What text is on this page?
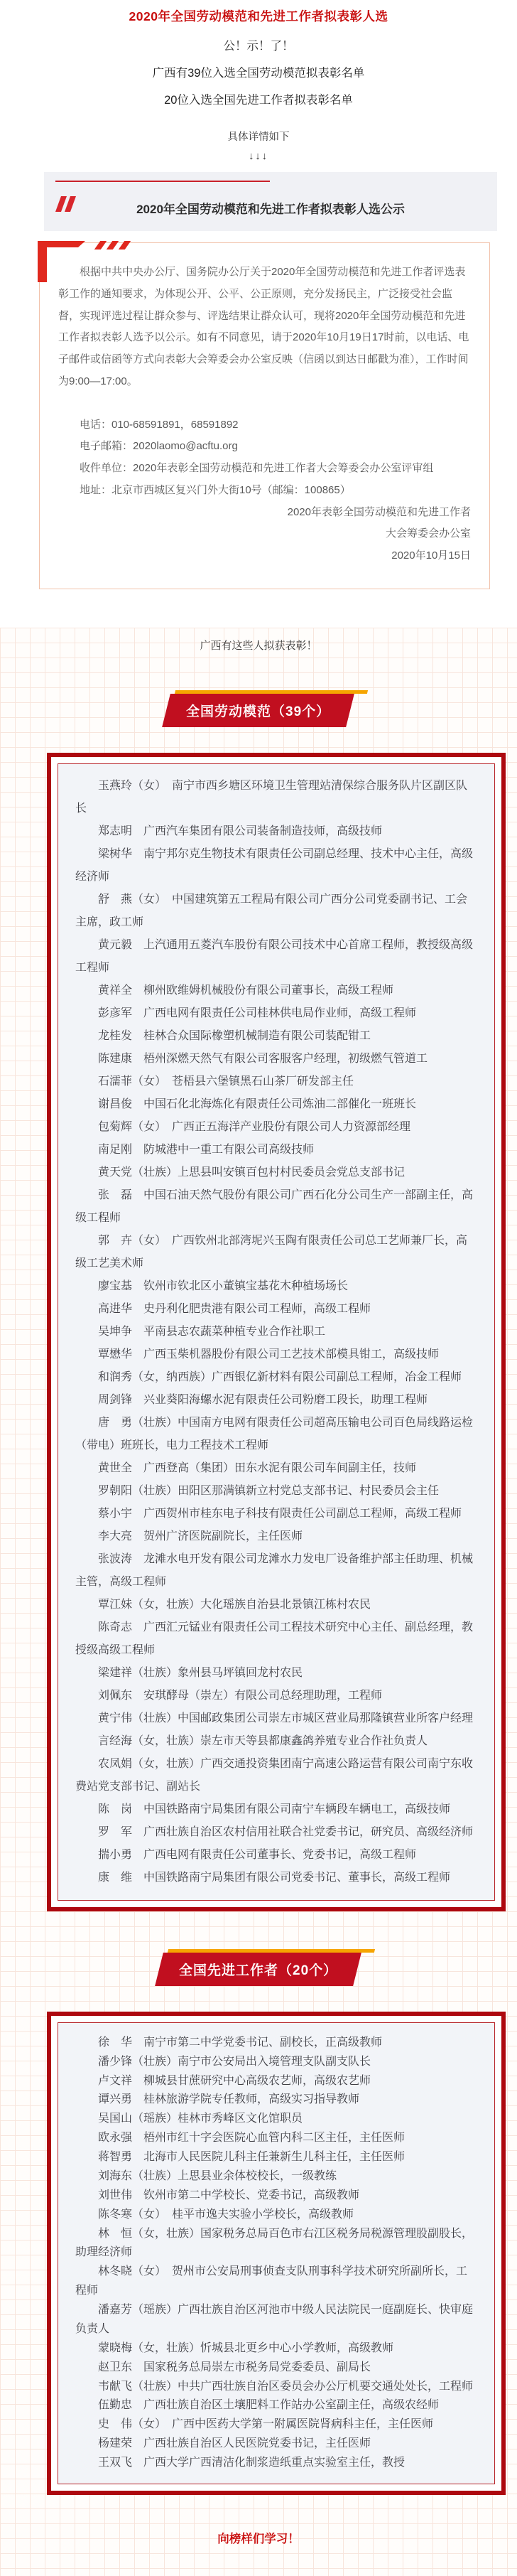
2020年全国劳动模范和先进工作者拟表彰人选

公！示！了！

广西有39位入选全国劳动模范拟表彰名单

20位入选全国先进工作者拟表彰名单

具体详情如下

↓↓↓

2020年全国劳动模范和先进工作者拟表彰人选公示

根据中共中央办公厅、国务院办公厅关于2020年全国劳动模范和先进工作者评选表彰工作的通知要求，为体现公开、公平、公正原则，充分发扬民主，广泛接受社会监督，实现评选过程让群众参与、评选结果让群众认可，现将2020年全国劳动模范和先进工作者拟表彰人选予以公示。如有不同意见，请于2020年10月19日17时前，以电话、电子邮件或信函等方式向表彰大会筹委会办公室反映（信函以到达日邮戳为准），工作时间为9:00—17:00。

电话：010-68591891，68591892

电子邮箱：2020laomo@acftu.org

收件单位：2020年表彰全国劳动模范和先进工作者大会筹委会办公室评审组

地址：北京市西城区复兴门外大街10号（邮编：100865）

2020年表彰全国劳动模范和先进工作者

大会筹委会办公室

2020年10月15日

广西有这些人拟获表彰！

全国劳动模范（39个）

玉燕玲（女）　南宁市西乡塘区环境卫生管理站清保综合服务队片区副区队长

郑志明　广西汽车集团有限公司装备制造技师，高级技师

梁树华　南宁邦尔克生物技术有限责任公司副总经理、技术中心主任，高级经济师

舒　燕（女）　中国建筑第五工程局有限公司广西分公司党委副书记、工会主席，政工师

黄元毅　上汽通用五菱汽车股份有限公司技术中心首席工程师，教授级高级工程师

黄祥全　柳州欧维姆机械股份有限公司董事长，高级工程师

彭彦军　广西电网有限责任公司桂林供电局作业师，高级工程师

龙桂发　桂林合众国际橡塑机械制造有限公司装配钳工

陈建康　梧州深燃天然气有限公司客服客户经理，初级燃气管道工

石濡菲（女）　苍梧县六堡镇黑石山茶厂研发部主任

谢昌俊　中国石化北海炼化有限责任公司炼油二部催化一班班长

包菊辉（女）　广西正五海洋产业股份有限公司人力资源部经理

南足刚　防城港中一重工有限公司高级技师

黄天党（壮族）上思县叫安镇百包村村民委员会党总支部书记

张　磊　中国石油天然气股份有限公司广西石化分公司生产一部副主任，高级工程师

郭　卉（女）　广西钦州北部湾坭兴玉陶有限责任公司总工艺师兼厂长，高级工艺美术师

廖宝基　钦州市钦北区小董镇宝基花木种植场场长

高进华　史丹利化肥贵港有限公司工程师，高级工程师

吴坤争　平南县志农蔬菜种植专业合作社职工

覃懋华　广西玉柴机器股份有限公司工艺技术部模具钳工，高级技师

和润秀（女，纳西族）广西银亿新材料有限公司副总工程师，冶金工程师

周剑锋　兴业葵阳海螺水泥有限责任公司粉磨工段长，助理工程师

唐　勇（壮族）中国南方电网有限责任公司超高压输电公司百色局线路运检（带电）班班长，电力工程技术工程师

黄世全　广西登高（集团）田东水泥有限公司车间副主任，技师

罗朝阳（壮族）田阳区那满镇新立村党总支部书记、村民委员会主任

蔡小宇　广西贺州市桂东电子科技有限责任公司副总工程师，高级工程师

李大亮　贺州广济医院副院长，主任医师

张波涛　龙滩水电开发有限公司龙滩水力发电厂设备维护部主任助理、机械主管，高级工程师

覃江妹（女，壮族）大化瑶族自治县北景镇江栋村农民

陈奇志　广西汇元锰业有限责任公司工程技术研究中心主任、副总经理，教授级高级工程师

梁建祥（壮族）象州县马坪镇回龙村农民

刘佩东　安琪酵母（崇左）有限公司总经理助理，工程师

黄宁伟（壮族）中国邮政集团公司崇左市城区营业局那隆镇营业所客户经理

言经海（女，壮族）崇左市天等县都康鑫鸽养殖专业合作社负责人

农凤娟（女，壮族）广西交通投资集团南宁高速公路运营有限公司南宁东收费站党支部书记、副站长

陈　岗　中国铁路南宁局集团有限公司南宁车辆段车辆电工，高级技师

罗　军　广西壮族自治区农村信用社联合社党委书记，研究员、高级经济师

揣小勇　广西电网有限责任公司董事长、党委书记，高级工程师

康　维　中国铁路南宁局集团有限公司党委书记、董事长，高级工程师

全国先进工作者（20个）

徐　华　南宁市第二中学党委书记、副校长，正高级教师

潘少锋（壮族）南宁市公安局出入境管理支队副支队长

卢文祥　柳城县甘蔗研究中心高级农艺师，高级农艺师

谭兴勇　桂林旅游学院专任教师，高级实习指导教师

吴国山（瑶族）桂林市秀峰区文化馆职员

欧永强　梧州市红十字会医院心血管内科二区主任，主任医师

蒋智勇　北海市人民医院儿科主任兼新生儿科主任，主任医师

刘海东（壮族）上思县业余体校校长，一级教练

刘世伟　钦州市第二中学校长、党委书记，高级教师

陈冬寒（女）　桂平市逸夫实验小学校长，高级教师

林　恒（女，壮族）国家税务总局百色市右江区税务局税源管理股副股长，助理经济师

林冬晓（女）　贺州市公安局刑事侦查支队刑事科学技术研究所副所长，工程师

潘嘉芳（瑶族）广西壮族自治区河池市中级人民法院民一庭副庭长、快审庭负责人

蒙晓梅（女，壮族）忻城县北更乡中心小学教师，高级教师

赵卫东　国家税务总局崇左市税务局党委委员、副局长

韦献飞（壮族）中共广西壮族自治区委员会办公厅机要交通处处长，工程师

伍勤忠　广西壮族自治区土壤肥料工作站办公室副主任，高级农经师

史　伟（女）　广西中医药大学第一附属医院肾病科主任，主任医师

杨建荣　广西壮族自治区人民医院党委书记，主任医师

王双飞　广西大学广西清洁化制浆造纸重点实验室主任，教授

向榜样们学习！
